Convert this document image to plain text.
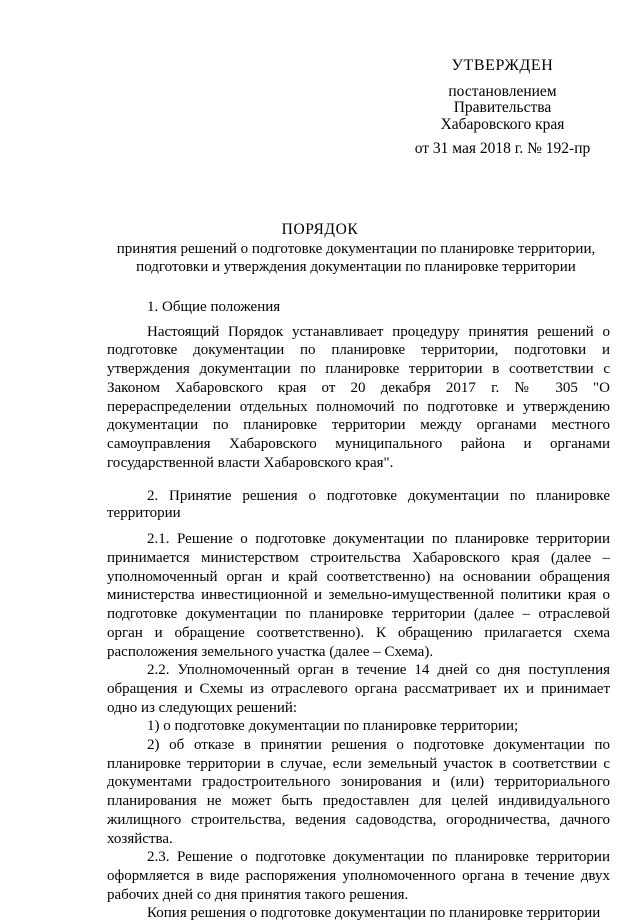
УТВЕРЖДЕН
постановлением
Правительства
Хабаровского края
от 31 мая 2018 г. № 192-пр
ПОРЯДОК
принятия решений о подготовке документации по планировке территории, подготовки и утверждения документации по планировке территории

1. Общие положения

Настоящий Порядок устанавливает процедуру принятия решений о подготовке документации по планировке территории, подготовки и утверждения документации по планировке территории в соответствии с Законом Хабаровского края от 20 декабря 2017 г. № 305 "О перераспределении отдельных полномочий по подготовке и утверждению документации по планировке территории между органами местного самоуправления Хабаровского муниципального района и органами государственной власти Хабаровского края".

2. Принятие решения о подготовке документации по планировке территории

2.1. Решение о подготовке документации по планировке территории принимается министерством строительства Хабаровского края (далее – уполномоченный орган и край соответственно) на основании обращения министерства инвестиционной и земельно-имущественной политики края о подготовке документации по планировке территории (далее – отраслевой орган и обращение соответственно). К обращению прилагается схема расположения земельного участка (далее – Схема).

2.2. Уполномоченный орган в течение 14 дней со дня поступления обращения и Схемы из отраслевого органа рассматривает их и принимает одно из следующих решений:

1) о подготовке документации по планировке территории;

2) об отказе в принятии решения о подготовке документации по планировке территории в случае, если земельный участок в соответствии с документами градостроительного зонирования и (или) территориального планирования не может быть предоставлен для целей индивидуального жилищного строительства, ведения садоводства, огородничества, дачного хозяйства.

2.3. Решение о подготовке документации по планировке территории оформляется в виде распоряжения уполномоченного органа в течение двух рабочих дней со дня принятия такого решения.

Копия решения о подготовке документации по планировке территории
